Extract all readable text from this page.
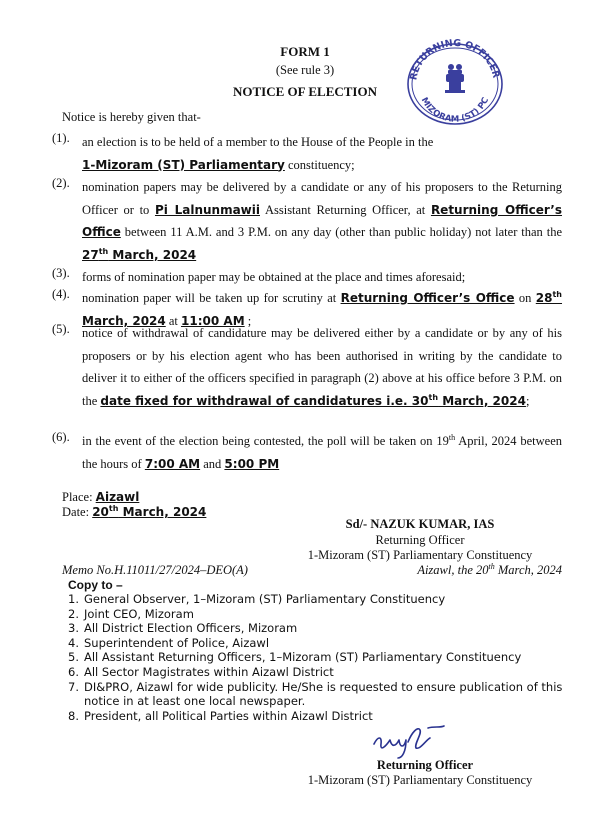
FORM 1
(See rule 3)
NOTICE OF ELECTION
RETURNING OFFICER
MIZORAM (ST) PC
Notice is hereby given that-
(1). an election is to be held of a member to the House of the People in the
1-Mizoram (ST) Parliamentary constituency;
(2). nomination papers may be delivered by a candidate or any of his proposers to the Returning Officer or to Pi Lalnunmawii Assistant Returning Officer, at Returning Officer’s Office between 11 A.M. and 3 P.M. on any day (other than public holiday) not later than the 27th March, 2024
(3). forms of nomination paper may be obtained at the place and times aforesaid;
(4). nomination paper will be taken up for scrutiny at Returning Officer’s Office on 28th March, 2024 at 11:00 AM ;
(5). notice of withdrawal of candidature may be delivered either by a candidate or by any of his proposers or by his election agent who has been authorised in writing by the candidate to deliver it to either of the officers specified in paragraph (2) above at his office before 3 P.M. on the date fixed for withdrawal of candidatures i.e. 30th March, 2024;
(6). in the event of the election being contested, the poll will be taken on 19th April, 2024 between the hours of 7:00 AM and 5:00 PM
Place: Aizawl
Date: 20th March, 2024
Sd/- NAZUK KUMAR, IAS
Returning Officer
1-Mizoram (ST) Parliamentary Constituency
Memo No.H.11011/27/2024–DEO(A)	Aizawl, the 20th March, 2024
Copy to –
1. General Observer, 1–Mizoram (ST) Parliamentary Constituency
2. Joint CEO, Mizoram
3. All District Election Officers, Mizoram
4. Superintendent of Police, Aizawl
5. All Assistant Returning Officers, 1–Mizoram (ST) Parliamentary Constituency
6. All Sector Magistrates within Aizawl District
7. DI&PRO, Aizawl for wide publicity. He/She is requested to ensure publication of this notice in at least one local newspaper.
8. President, all Political Parties within Aizawl District
Returning Officer
1-Mizoram (ST) Parliamentary Constituency
